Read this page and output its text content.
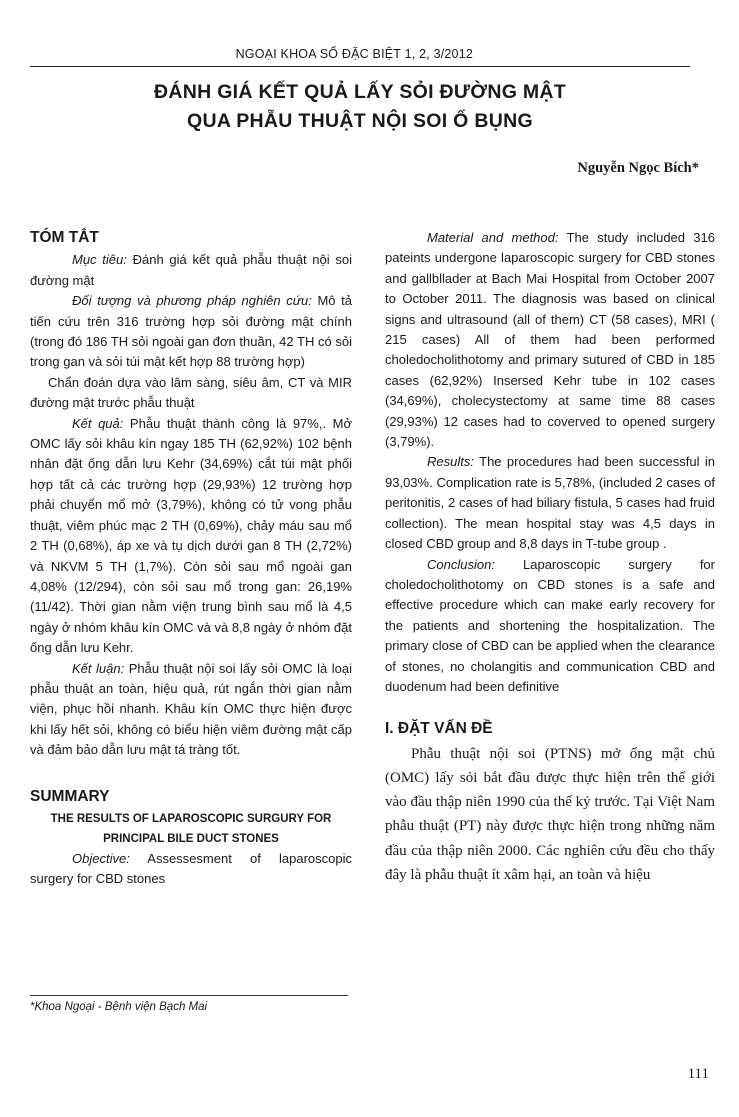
NGOẠI KHOA SỐ ĐẶC BIỆT 1, 2, 3/2012
ĐÁNH GIÁ KẾT QUẢ LẤY SỎI ĐƯỜNG MẬT
QUA PHẪU THUẬT NỘI SOI Ổ BỤNG
Nguyễn Ngọc Bích*
TÓM TẮT

Mục tiêu: Đánh giá kết quả phẫu thuật nội soi đường mật

Đối tượng và phương pháp nghiên cứu: Mô tả tiến cứu trên 316 trường hợp sỏi đường mật chính (trong đó 186 TH sỏi ngoài gan đơn thuần, 42 TH có sỏi trong gan và sỏi túi mật kết hợp 88 trường hợp)

Chẩn đoán dựa vào lâm sàng, siêu âm, CT và MIR đường mật trước phẫu thuật

Kết quả: Phẫu thuật thành công là 97%,. Mở OMC lấy sỏi khâu kín ngay 185 TH (62,92%) 102 bệnh nhân đặt ống dẫn lưu Kehr (34,69%) cắt túi mật phối hợp tất cả các trường hợp (29,93%) 12 trường hợp phải chuyển mổ mở (3,79%), không có tử vong phẫu thuật, viêm phúc mạc 2 TH (0,69%), chảy máu sau mổ 2 TH (0,68%), áp xe và tụ dịch dưới gan 8 TH (2,72%) và NKVM 5 TH (1,7%). Còn sỏi sau mổ ngoài gan 4,08% (12/294), còn sỏi sau mổ trong gan: 26,19% (11/42). Thời gian nằm viện trung bình sau mổ là 4,5 ngày ở nhóm khâu kín OMC và và 8,8 ngày ở nhóm đặt ống dẫn lưu Kehr.

Kết luận: Phẫu thuật nội soi lấy sỏi OMC là loại phẫu thuật an toàn, hiệu quả, rút ngắn thời gian nằm viện, phục hồi nhanh. Khâu kín OMC thực hiện được khi lấy hết sỏi, không có biểu hiện viêm đường mật cấp và đảm bảo dẫn lưu mật tá tràng tốt.

SUMMARY
THE RESULTS OF LAPAROSCOPIC SURGURY FOR PRINCIPAL BILE DUCT STONES

Objective: Assessesment of laparoscopic surgery for CBD stones

Material and method: The study included 316 pateints undergone laparoscopic surgery for CBD stones and gallbllader at Bach Mai Hospital from October 2007 to October 2011. The diagnosis was based on clinical signs and ultrasound (all of them) CT (58 cases), MRI ( 215 cases) All of them had been performed choledocholithotomy and primary sutured of CBD in 185 cases (62,92%) Insersed Kehr tube in 102 cases (34,69%), cholecystectomy at same time 88 cases (29,93%) 12 cases had to coverved to opened surgery (3,79%).

Results: The procedures had been successful in 93,03%. Complication rate is 5,78%, (included 2 cases of peritonitis, 2 cases of had biliary fistula, 5 cases had fruid collection). The mean hospital stay was 4,5 days in closed CBD group and 8,8 days in T-tube group .

Conclusion: Laparoscopic surgery for choledocholithotomy on CBD stones is a safe and effective procedure which can make early recovery for the patients and shortening the hospitalization. The primary close of CBD can be applied when the clearance of stones, no cholangitis and communication CBD and duodenum had been definitive

I. ĐẶT VẤN ĐỀ

Phẫu thuật nội soi (PTNS) mở ống mật chủ (OMC) lấy sỏi bắt đầu được thực hiện trên thế giới vào đầu thập niên 1990 của thế kỷ trước. Tại Việt Nam phẫu thuật (PT) này được thực hiện trong những năm đầu của thập niên 2000. Các nghiên cứu đều cho thấy đây là phẫu thuật ít xâm hại, an toàn và hiệu

*Khoa Ngoại - Bệnh viện Bạch Mai
111
